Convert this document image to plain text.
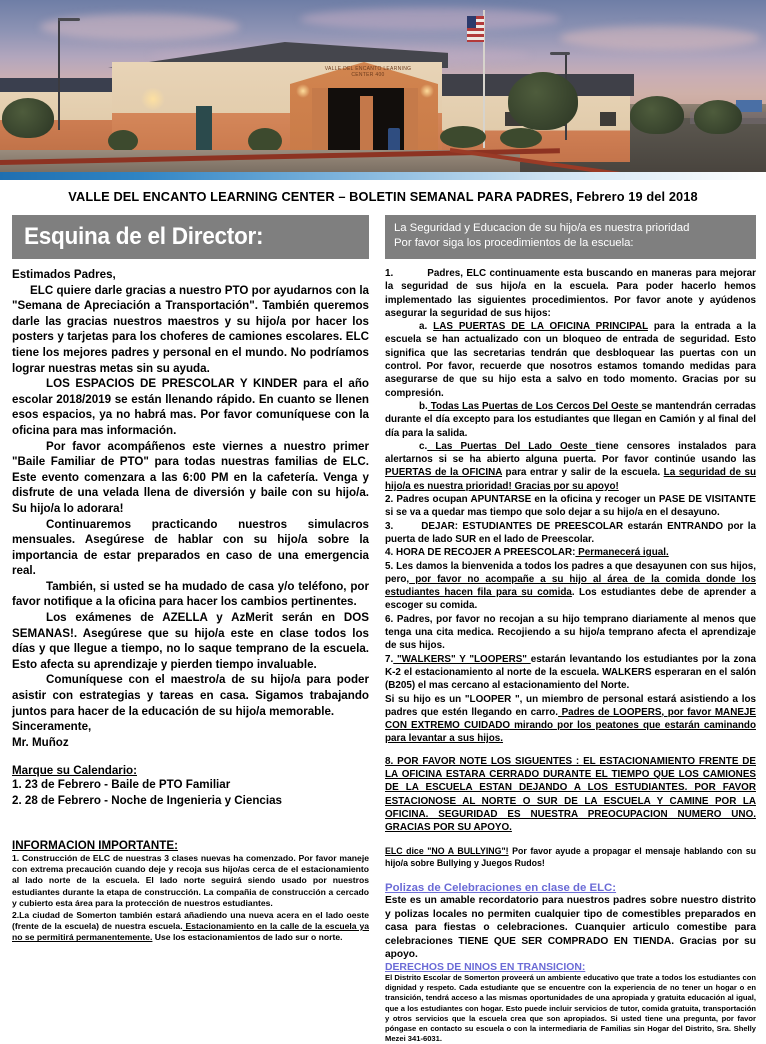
VALLE DEL ENCANTO LEARNING CENTER 400
VALLE DEL ENCANTO LEARNING CENTER – BOLETIN SEMANAL PARA PADRES, Febrero 19 del 2018
Esquina de el Director:

Estimados Padres,

ELC quiere darle gracias a nuestro PTO por ayudarnos con la "Semana de Apreciación a Transportación". También queremos darle las gracias nuestros maestros y su hijo/a por hacer los posters y tarjetas para los choferes de camiones escolares. ELC tiene los mejores padres y personal en el mundo. No podríamos lograr nuestras metas sin su ayuda.

LOS ESPACIOS DE PRESCOLAR Y KINDER para el año escolar 2018/2019 se están llenando rápido. En cuanto se llenen esos espacios, ya no habrá mas. Por favor comuníquese con la oficina para mas información.

Por favor acompáñenos este viernes a nuestro primer "Baile Familiar de PTO" para todas nuestras familias de ELC. Este evento comenzara a las 6:00 PM en la cafetería. Venga y disfrute de una velada llena de diversión y baile con su hijo/a. Su hijo/a lo adorara!

Continuaremos practicando nuestros simulacros mensuales. Asegúrese de hablar con su hijo/a sobre la importancia de estar preparados en caso de una emergencia real.

También, si usted se ha mudado de casa y/o teléfono, por favor notifique a la oficina para hacer los cambios pertinentes.

Los exámenes de AZELLA y AzMerit serán en DOS SEMANAS!. Asegúrese que su hijo/a este en clase todos los días y que llegue a tiempo, no lo saque temprano de la escuela. Esto afecta su aprendizaje y pierden tiempo invaluable.

Comuníquese con el maestro/a de su hijo/a para poder asistir con estrategias y tareas en casa. Sigamos trabajando juntos para hacer de la educación de su hijo/a memorable.

Sinceramente,

Mr. Muñoz

Marque su Calendario:
1. 23 de Febrero - Baile de PTO Familiar
2. 28 de Febrero - Noche de Ingenieria y Ciencias
INFORMACION IMPORTANTE:

1. Construcción de ELC de nuestras 3 clases nuevas ha comenzado. Por favor maneje con extrema precaución cuando deje y recoja sus hijo/as cerca de el estacionamiento al lado norte de la escuela. El lado norte seguirá siendo usado por nuestros estudiantes durante la etapa de construcción. La compañia de construcción a cercado y cubierto esta área para la protección de nuestros estudiantes.

2.La ciudad de Somerton también estará añadiendo una nueva acera en el lado oeste (frente de la escuela) de nuestra escuela. Estacionamiento en la calle de la escuela ya no se permitirá permanentemente. Use los estacionamientos de lado sur o norte.

La Seguridad y Educacion de su hijo/a es nuestra prioridad
Por favor siga los procedimientos de la escuela:

1.	Padres, ELC continuamente esta buscando en maneras para mejorar la seguridad de sus hijo/a en la escuela. Para poder hacerlo hemos implementado las siguientes procedimientos. Por favor anote y ayúdenos asegurar la seguridad de sus hijos:

a. LAS PUERTAS DE LA OFICINA PRINCIPAL para la entrada a la escuela se han actualizado con un bloqueo de entrada de seguridad. Esto significa que las secretarias tendrán que desbloquear las puertas con un control. Por favor, recuerde que nosotros estamos tomando medidas para asegurarse de que su hijo esta a salvo en todo momento. Gracias por su compresión.

b. Todas Las Puertas de Los Cercos Del Oeste se mantendrán cerradas durante el día excepto para los estudiantes que llegan en Camión y al final del día para la salida.

c. Las Puertas Del Lado Oeste tiene censores instalados para alertarnos si se ha abierto alguna puerta. Por favor continúe usando las PUERTAS de la OFICINA para entrar y salir de la escuela. La seguridad de su hijo/a es nuestra prioridad! Gracias por su apoyo!

2. Padres ocupan APUNTARSE en la oficina y recoger un PASE DE VISITANTE si se va a quedar mas tiempo que solo dejar a su hijo/a en el desayuno.

3.	DEJAR: ESTUDIANTES DE PREESCOLAR estarán ENTRANDO por la puerta de lado SUR en el lado de Preescolar.

4. HORA DE RECOJER A PREESCOLAR: Permanecerá igual.

5. Les damos la bienvenida a todos los padres a que desayunen con sus hijos, pero, por favor no acompañe a su hijo al área de la comida donde los estudiantes hacen fila para su comida. Los estudiantes debe de aprender a escoger su comida.

6. Padres, por favor no recojan a su hijo temprano diariamente al menos que tenga una cita medica. Recojiendo a su hijo/a temprano afecta el aprendizaje de sus hijos.

7. "WALKERS" Y "LOOPERS" estarán levantando los estudiantes por la zona K-2 el estacionamiento al norte de la escuela. WALKERS esperaran en el salón (B205) el mas cercano al estacionamiento del Norte.

Si su hijo es un "LOOPER ", un miembro de personal estará asistiendo a los padres que estén llegando en carro. Padres de LOOPERS, por favor MANEJE CON EXTREMO CUIDADO mirando por los peatones que estarán caminando para levantar a sus hijos.

8. POR FAVOR NOTE LOS SIGUENTES : EL ESTACIONAMIENTO FRENTE DE LA OFICINA ESTARA CERRADO DURANTE EL TIEMPO QUE LOS CAMIONES DE LA ESCUELA ESTAN DEJANDO A LOS ESTUDIANTES. POR FAVOR ESTACIONOSE AL NORTE O SUR DE LA ESCUELA Y CAMINE POR LA OFICINA. SEGURIDAD ES NUESTRA PREOCUPACION NUMERO UNO. GRACIAS POR SU APOYO.

ELC dice "NO A BULLYING"! Por favor ayude a propagar el mensaje hablando con su hijo/a sobre Bullying y Juegos Rudos!

Polizas de Celebraciones en clase de ELC:

Este es un amable recordatorio para nuestros padres sobre nuestro distrito y polizas locales no permiten cualquier tipo de comestibles preparados en casa para fiestas o celebraciones. Cuanquier articulo comestibe para celebraciones TIENE QUE SER COMPRADO EN TIENDA. Gracias por su apoyo.

DERECHOS DE NINOS EN TRANSICION:

El Distrito Escolar de Somerton proveerá un ambiente educativo que trate a todos los estudiantes con dignidad y respeto. Cada estudiante que se encuentre con la experiencia de no tener un hogar o en transición, tendrá acceso a las mismas oportunidades de una apropiada y gratuita educación al igual, que a los estudiantes con hogar. Esto puede incluir servicios de tutor, comida gratuita, transportación y otros servicios que la escuela crea que son apropiados. Si usted tiene una pregunta, por favor póngase en contacto su escuela o con la intermediaria de Familias sin Hogar del Distrito, Sra. Shelly Mezei 341-6031.
